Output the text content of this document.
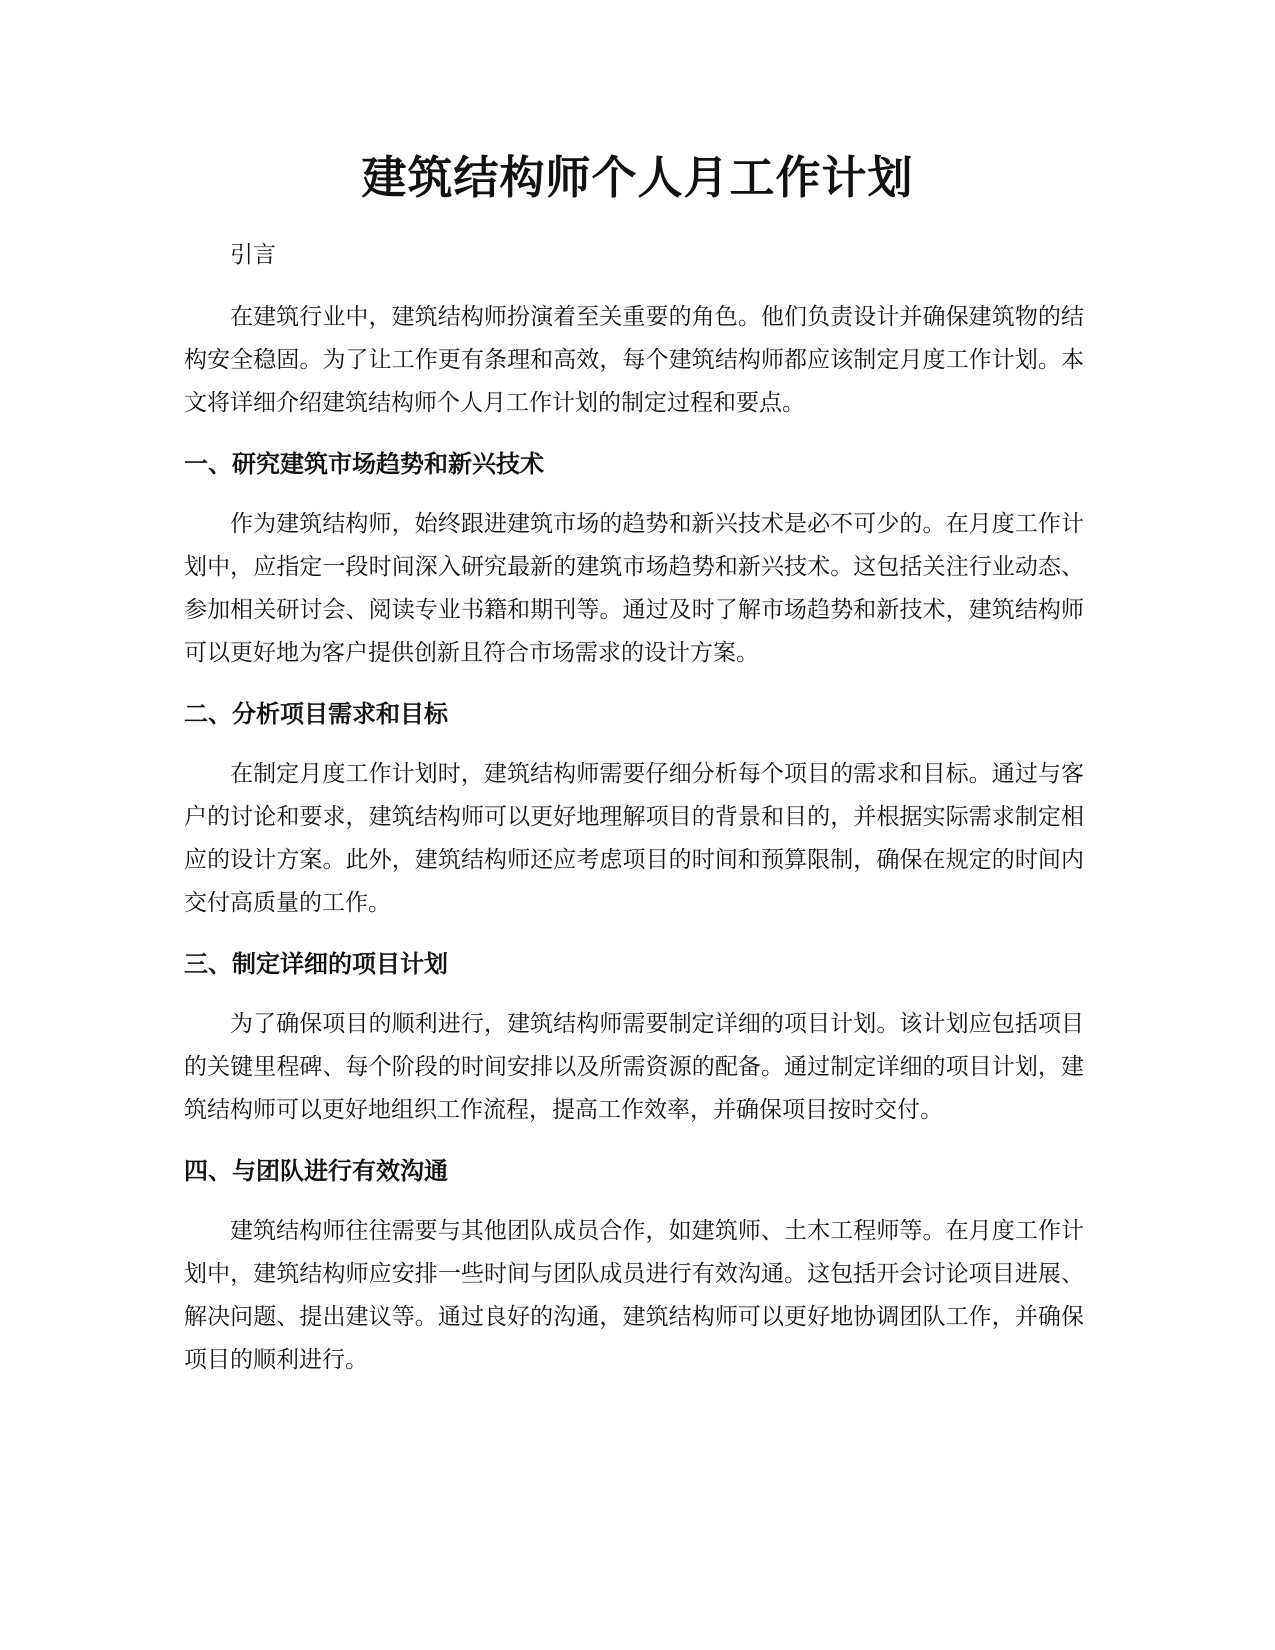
建筑结构师个人月工作计划

引言

在建筑行业中，建筑结构师扮演着至关重要的角色。他们负责设计并确保建筑物的结构安全稳固。为了让工作更有条理和高效，每个建筑结构师都应该制定月度工作计划。本文将详细介绍建筑结构师个人月工作计划的制定过程和要点。

一、研究建筑市场趋势和新兴技术

作为建筑结构师，始终跟进建筑市场的趋势和新兴技术是必不可少的。在月度工作计划中，应指定一段时间深入研究最新的建筑市场趋势和新兴技术。这包括关注行业动态、参加相关研讨会、阅读专业书籍和期刊等。通过及时了解市场趋势和新技术，建筑结构师可以更好地为客户提供创新且符合市场需求的设计方案。

二、分析项目需求和目标

在制定月度工作计划时，建筑结构师需要仔细分析每个项目的需求和目标。通过与客户的讨论和要求，建筑结构师可以更好地理解项目的背景和目的，并根据实际需求制定相应的设计方案。此外，建筑结构师还应考虑项目的时间和预算限制，确保在规定的时间内交付高质量的工作。

三、制定详细的项目计划

为了确保项目的顺利进行，建筑结构师需要制定详细的项目计划。该计划应包括项目的关键里程碑、每个阶段的时间安排以及所需资源的配备。通过制定详细的项目计划，建筑结构师可以更好地组织工作流程，提高工作效率，并确保项目按时交付。

四、与团队进行有效沟通

建筑结构师往往需要与其他团队成员合作，如建筑师、土木工程师等。在月度工作计划中，建筑结构师应安排一些时间与团队成员进行有效沟通。这包括开会讨论项目进展、解决问题、提出建议等。通过良好的沟通，建筑结构师可以更好地协调团队工作，并确保项目的顺利进行。
